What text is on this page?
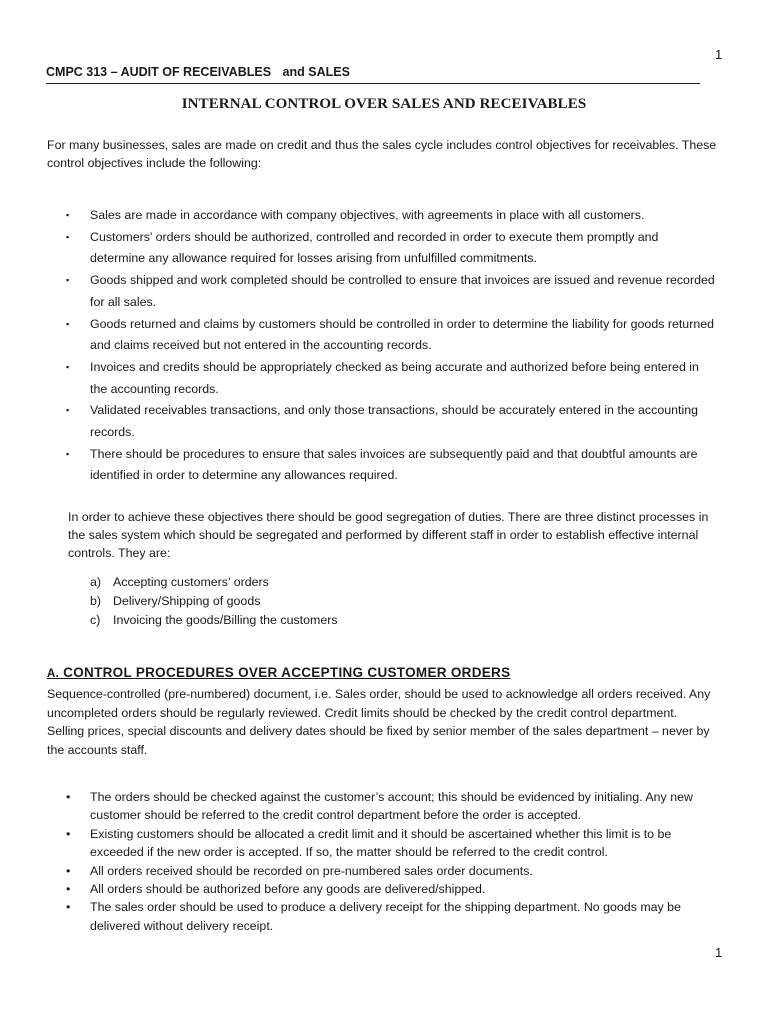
1
CMPC 313 – AUDIT OF RECEIVABLES and SALES
INTERNAL CONTROL OVER SALES AND RECEIVABLES
For many businesses, sales are made on credit and thus the sales cycle includes control objectives for receivables. These control objectives include the following:
▪ Sales are made in accordance with company objectives, with agreements in place with all customers.
▪ Customers’ orders should be authorized, controlled and recorded in order to execute them promptly and determine any allowance required for losses arising from unfulfilled commitments.
▪ Goods shipped and work completed should be controlled to ensure that invoices are issued and revenue recorded for all sales.
▪ Goods returned and claims by customers should be controlled in order to determine the liability for goods returned and claims received but not entered in the accounting records.
▪ Invoices and credits should be appropriately checked as being accurate and authorized before being entered in the accounting records.
▪ Validated receivables transactions, and only those transactions, should be accurately entered in the accounting records.
▪ There should be procedures to ensure that sales invoices are subsequently paid and that doubtful amounts are identified in order to determine any allowances required.
In order to achieve these objectives there should be good segregation of duties. There are three distinct processes in the sales system which should be segregated and performed by different staff in order to establish effective internal controls. They are:
a) Accepting customers’ orders
b) Delivery/Shipping of goods
c) Invoicing the goods/Billing the customers
A. CONTROL PROCEDURES OVER ACCEPTING CUSTOMER ORDERS
Sequence-controlled (pre-numbered) document, i.e. Sales order, should be used to acknowledge all orders received. Any uncompleted orders should be regularly reviewed. Credit limits should be checked by the credit control department. Selling prices, special discounts and delivery dates should be fixed by senior member of the sales department – never by the accounts staff.
• The orders should be checked against the customer’s account; this should be evidenced by initialing. Any new customer should be referred to the credit control department before the order is accepted.
• Existing customers should be allocated a credit limit and it should be ascertained whether this limit is to be exceeded if the new order is accepted. If so, the matter should be referred to the credit control.
• All orders received should be recorded on pre-numbered sales order documents.
• All orders should be authorized before any goods are delivered/shipped.
• The sales order should be used to produce a delivery receipt for the shipping department. No goods may be delivered without delivery receipt.
1
